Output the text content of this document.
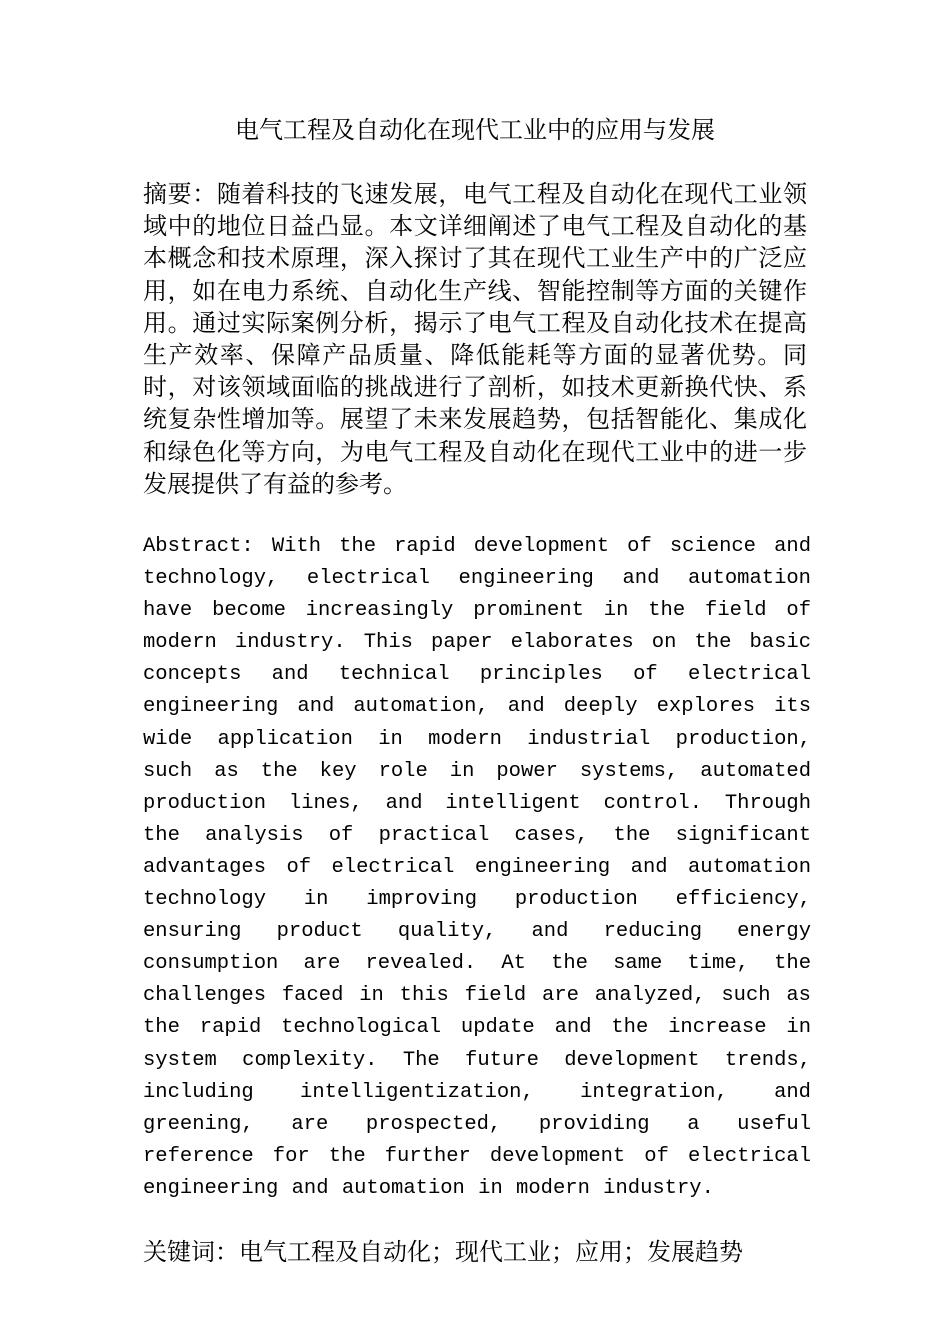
电气工程及自动化在现代工业中的应用与发展

摘要：随着科技的飞速发展，电气工程及自动化在现代工业领域中的地位日益凸显。本文详细阐述了电气工程及自动化的基本概念和技术原理，深入探讨了其在现代工业生产中的广泛应用，如在电力系统、自动化生产线、智能控制等方面的关键作用。通过实际案例分析，揭示了电气工程及自动化技术在提高生产效率、保障产品质量、降低能耗等方面的显著优势。同时，对该领域面临的挑战进行了剖析，如技术更新换代快、系统复杂性增加等。展望了未来发展趋势，包括智能化、集成化和绿色化等方向，为电气工程及自动化在现代工业中的进一步发展提供了有益的参考。

Abstract: With the rapid development of science and technology, electrical engineering and automation have become increasingly prominent in the field of modern industry. This paper elaborates on the basic concepts and technical principles of electrical engineering and automation, and deeply explores its wide application in modern industrial production, such as the key role in power systems, automated production lines, and intelligent control. Through the analysis of practical cases, the significant advantages of electrical engineering and automation technology in improving production efficiency, ensuring product quality, and reducing energy consumption are revealed. At the same time, the challenges faced in this field are analyzed, such as the rapid technological update and the increase in system complexity. The future development trends, including intelligentization, integration, and greening, are prospected, providing a useful reference for the further development of electrical engineering and automation in modern industry.

关键词：电气工程及自动化；现代工业；应用；发展趋势
